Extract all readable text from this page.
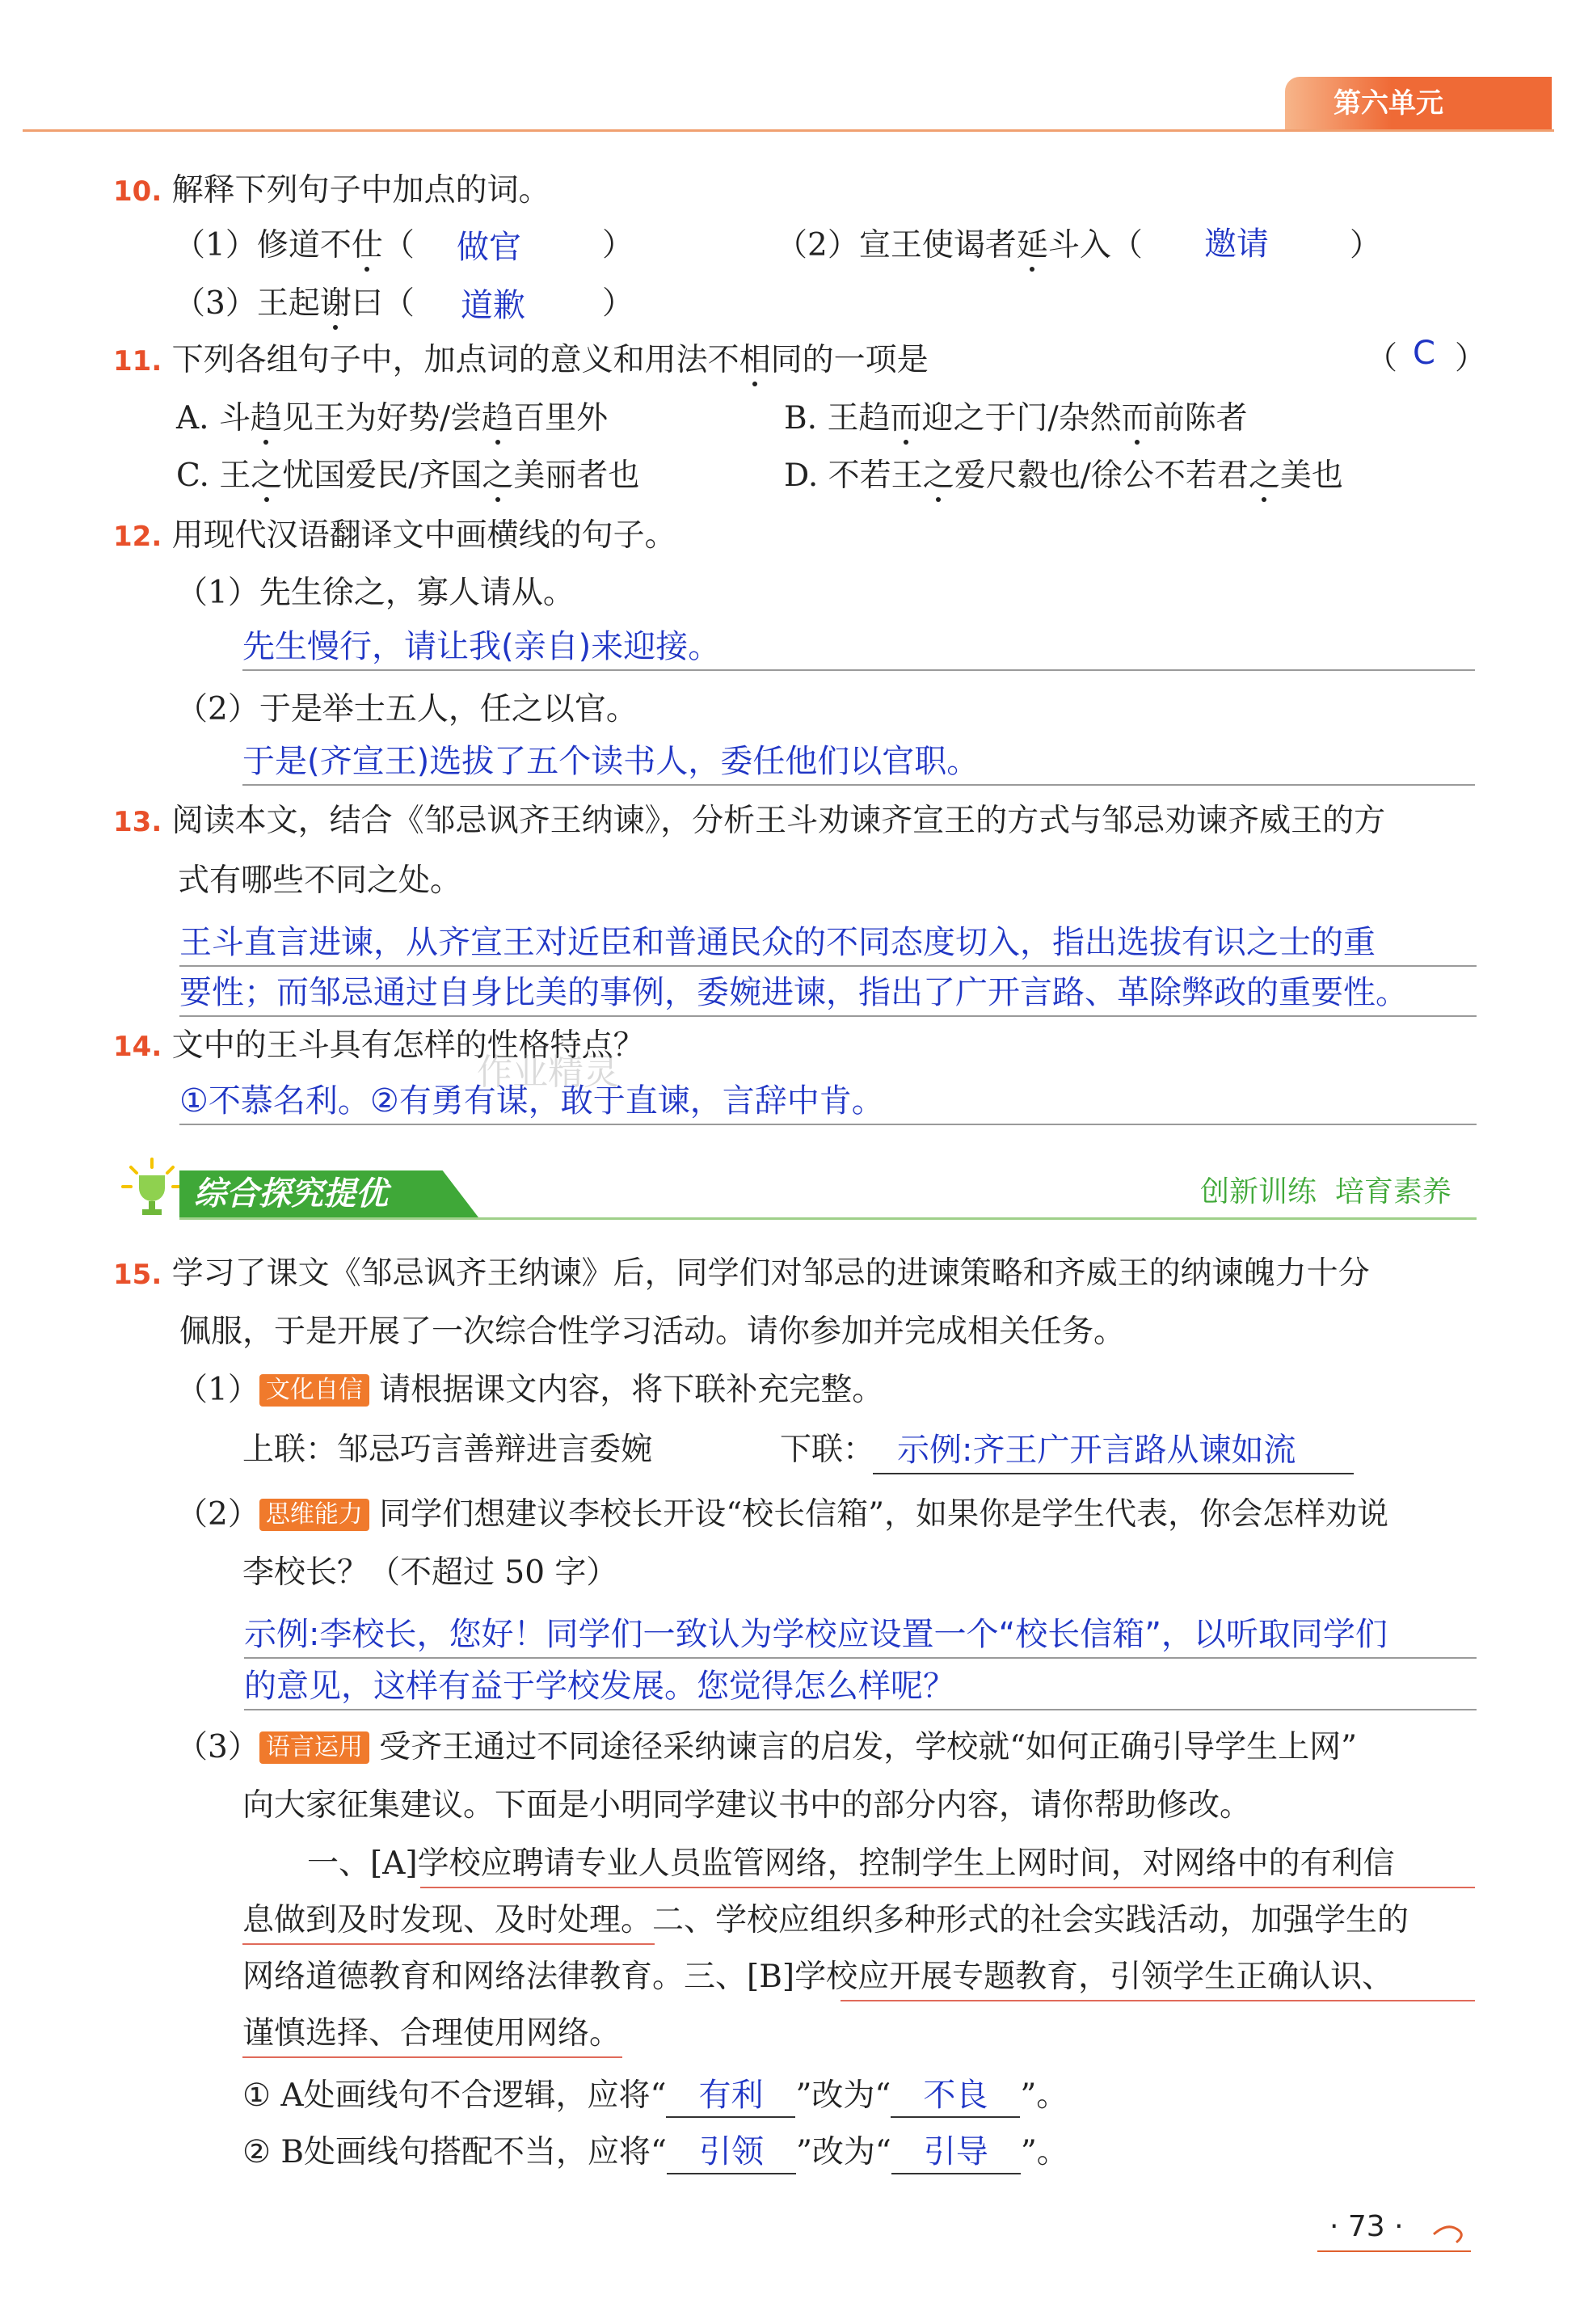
第六单元
10. 解释下列句子中加点的词。
（1）修道不仕（ 做官	）	（2）宣王使谒者延斗入（ 邀请	）
（3）王起谢曰（ 道歉 ）
11. 下列各组句子中，加点词的意义和用法不相同的一项是	（ C ）
A. 斗趋见王为好势/尝趋百里外	B. 王趋而迎之于门/杂然而前陈者
C. 王之忧国爱民/齐国之美丽者也	D. 不若王之爱尺縠也/徐公不若君之美也
12. 用现代汉语翻译文中画横线的句子。
（1）先生徐之，寡人请从。
先生慢行，请让我(亲自)来迎接。
（2）于是举士五人，任之以官。
于是(齐宣王)选拔了五个读书人，委任他们以官职。
13. 阅读本文，结合《邹忌讽齐王纳谏》，分析王斗劝谏齐宣王的方式与邹忌劝谏齐威王的方
式有哪些不同之处。
王斗直言进谏，从齐宣王对近臣和普通民众的不同态度切入，指出选拔有识之士的重
要性；而邹忌通过自身比美的事例，委婉进谏，指出了广开言路、革除弊政的重要性。
14. 文中的王斗具有怎样的性格特点？
①不慕名利。②有勇有谋，敢于直谏，言辞中肯。
作业精灵
综合探究提优	创新训练  培育素养
15. 学习了课文《邹忌讽齐王纳谏》后，同学们对邹忌的进谏策略和齐威王的纳谏魄力十分
佩服，于是开展了一次综合性学习活动。请你参加并完成相关任务。
（1） 文化自信 请根据课文内容，将下联补充完整。
上联：邹忌巧言善辩进言委婉	下联： 示例:齐王广开言路从谏如流
（2） 思维能力 同学们想建议李校长开设“校长信箱”，如果你是学生代表，你会怎样劝说
李校长？（不超过 50 字）
示例:李校长，您好！同学们一致认为学校应设置一个“校长信箱”，以听取同学们
的意见，这样有益于学校发展。您觉得怎么样呢？
（3） 语言运用 受齐王通过不同途径采纳谏言的启发，学校就“如何正确引导学生上网”
向大家征集建议。下面是小明同学建议书中的部分内容，请你帮助修改。
一、[A]学校应聘请专业人员监管网络，控制学生上网时间，对网络中的有利信
息做到及时发现、及时处理。二、学校应组织多种形式的社会实践活动，加强学生的
网络道德教育和网络法律教育。三、[B]学校应开展专题教育，引领学生正确认识、
谨慎选择、合理使用网络。
① A处画线句不合逻辑，应将“ 有利 ”改为“ 不良 ”。
② B处画线句搭配不当，应将“ 引领 ”改为“ 引导 ”。
· 73 ·
